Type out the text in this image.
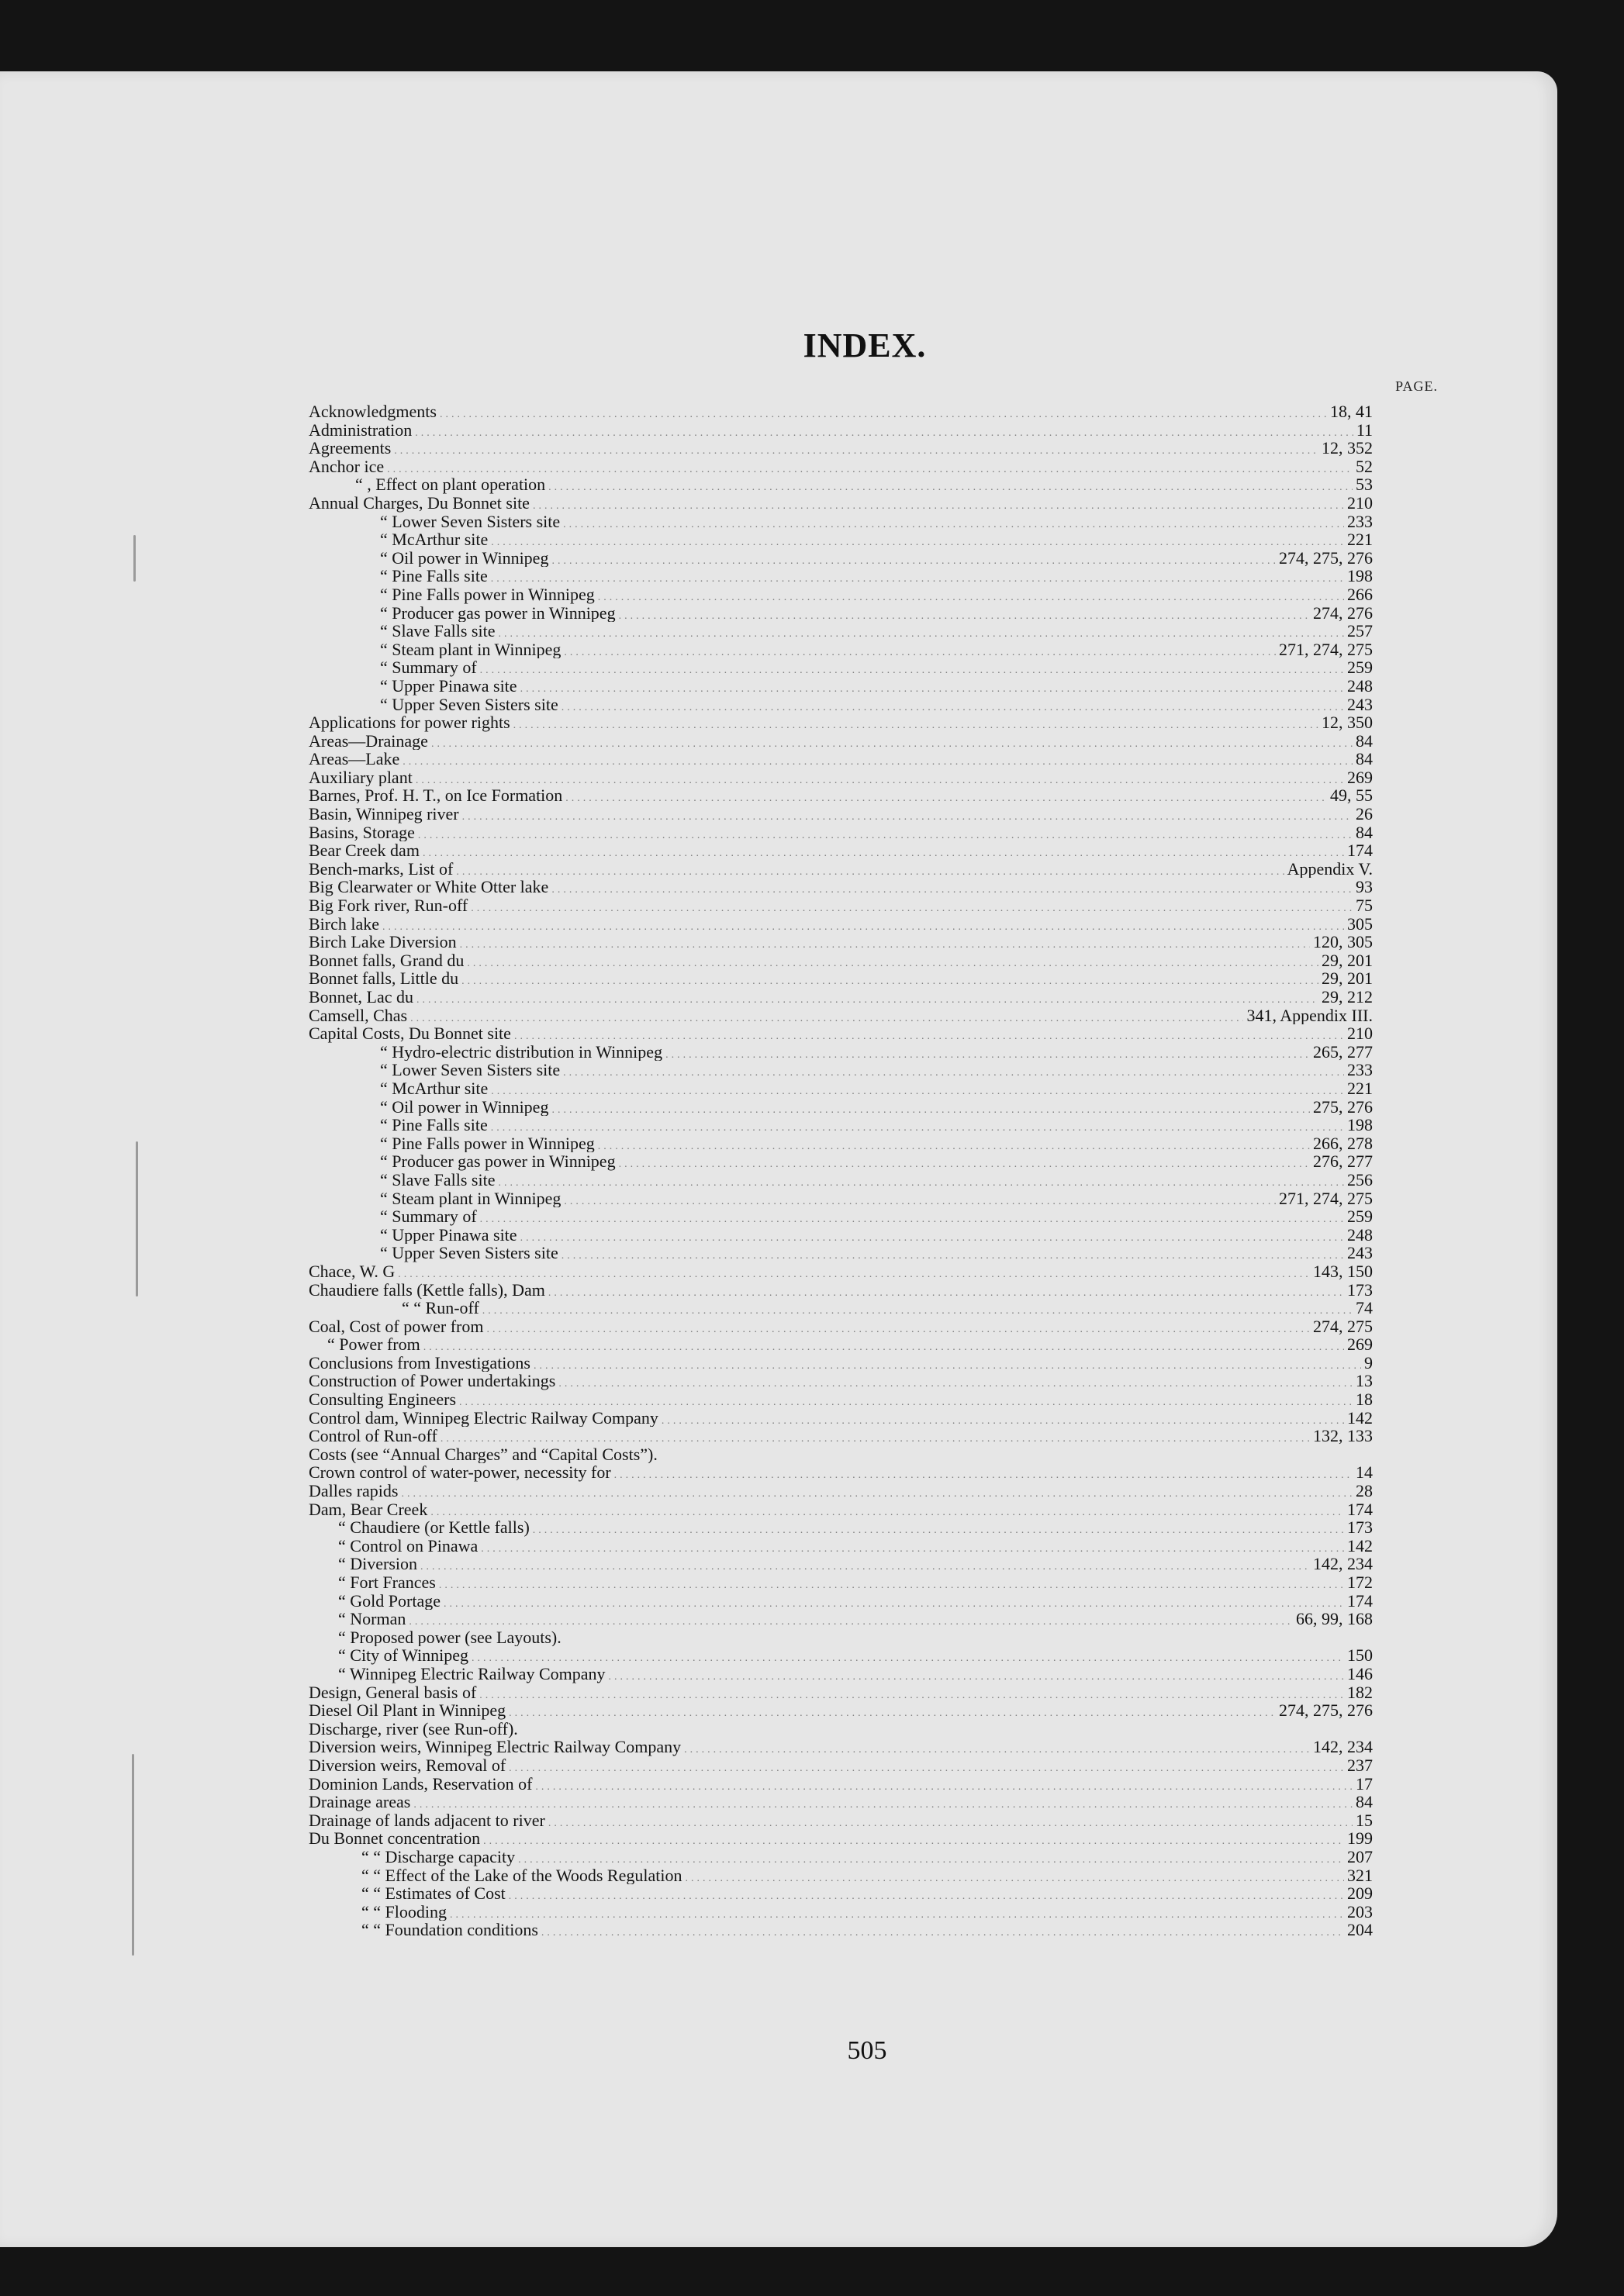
INDEX.
PAGE.
Acknowledgments .....	18, 41
Administration .....	11
Agreements .....	12, 352
Anchor ice .....	52
“ , Effect on plant operation .....	53
Annual Charges, Du Bonnet site .....	210
“ Lower Seven Sisters site .....	233
“ McArthur site .....	221
“ Oil power in Winnipeg .....	274, 275, 276
“ Pine Falls site .....	198
“ Pine Falls power in Winnipeg .....	266
“ Producer gas power in Winnipeg .....	274, 276
“ Slave Falls site .....	257
“ Steam plant in Winnipeg .....	271, 274, 275
“ Summary of .....	259
“ Upper Pinawa site .....	248
“ Upper Seven Sisters site .....	243
Applications for power rights .....	12, 350
Areas—Drainage .....	84
Areas—Lake .....	84
Auxiliary plant .....	269
Barnes, Prof. H. T., on Ice Formation .....	49, 55
Basin, Winnipeg river .....	26
Basins, Storage .....	84
Bear Creek dam .....	174
Bench-marks, List of .....	Appendix V.
Big Clearwater or White Otter lake .....	93
Big Fork river, Run-off .....	75
Birch lake .....	305
Birch Lake Diversion .....	120, 305
Bonnet falls, Grand du .....	29, 201
Bonnet falls, Little du .....	29, 201
Bonnet, Lac du .....	29, 212
Camsell, Chas .....	341, Appendix III.
Capital Costs, Du Bonnet site .....	210
“ Hydro-electric distribution in Winnipeg .....	265, 277
“ Lower Seven Sisters site .....	233
“ McArthur site .....	221
“ Oil power in Winnipeg .....	275, 276
“ Pine Falls site .....	198
“ Pine Falls power in Winnipeg .....	266, 278
“ Producer gas power in Winnipeg .....	276, 277
“ Slave Falls site .....	256
“ Steam plant in Winnipeg .....	271, 274, 275
“ Summary of .....	259
“ Upper Pinawa site .....	248
“ Upper Seven Sisters site .....	243
Chace, W. G .....	143, 150
Chaudiere falls (Kettle falls), Dam .....	173
“ “ Run-off .....	74
Coal, Cost of power from .....	274, 275
“ Power from .....	269
Conclusions from Investigations .....	9
Construction of Power undertakings .....	13
Consulting Engineers .....	18
Control dam, Winnipeg Electric Railway Company .....	142
Control of Run-off .....	132, 133
Costs (see “Annual Charges” and “Capital Costs”).
Crown control of water-power, necessity for .....	14
Dalles rapids .....	28
Dam, Bear Creek .....	174
“ Chaudiere (or Kettle falls) .....	173
“ Control on Pinawa .....	142
“ Diversion .....	142, 234
“ Fort Frances .....	172
“ Gold Portage .....	174
“ Norman .....	66, 99, 168
“ Proposed power (see Layouts).
“ City of Winnipeg .....	150
“ Winnipeg Electric Railway Company .....	146
Design, General basis of .....	182
Diesel Oil Plant in Winnipeg .....	274, 275, 276
Discharge, river (see Run-off).
Diversion weirs, Winnipeg Electric Railway Company .....	142, 234
Diversion weirs, Removal of .....	237
Dominion Lands, Reservation of .....	17
Drainage areas .....	84
Drainage of lands adjacent to river .....	15
Du Bonnet concentration .....	199
“ “ Discharge capacity .....	207
“ “ Effect of the Lake of the Woods Regulation .....	321
“ “ Estimates of Cost .....	209
“ “ Flooding .....	203
“ “ Foundation conditions .....	204
505
